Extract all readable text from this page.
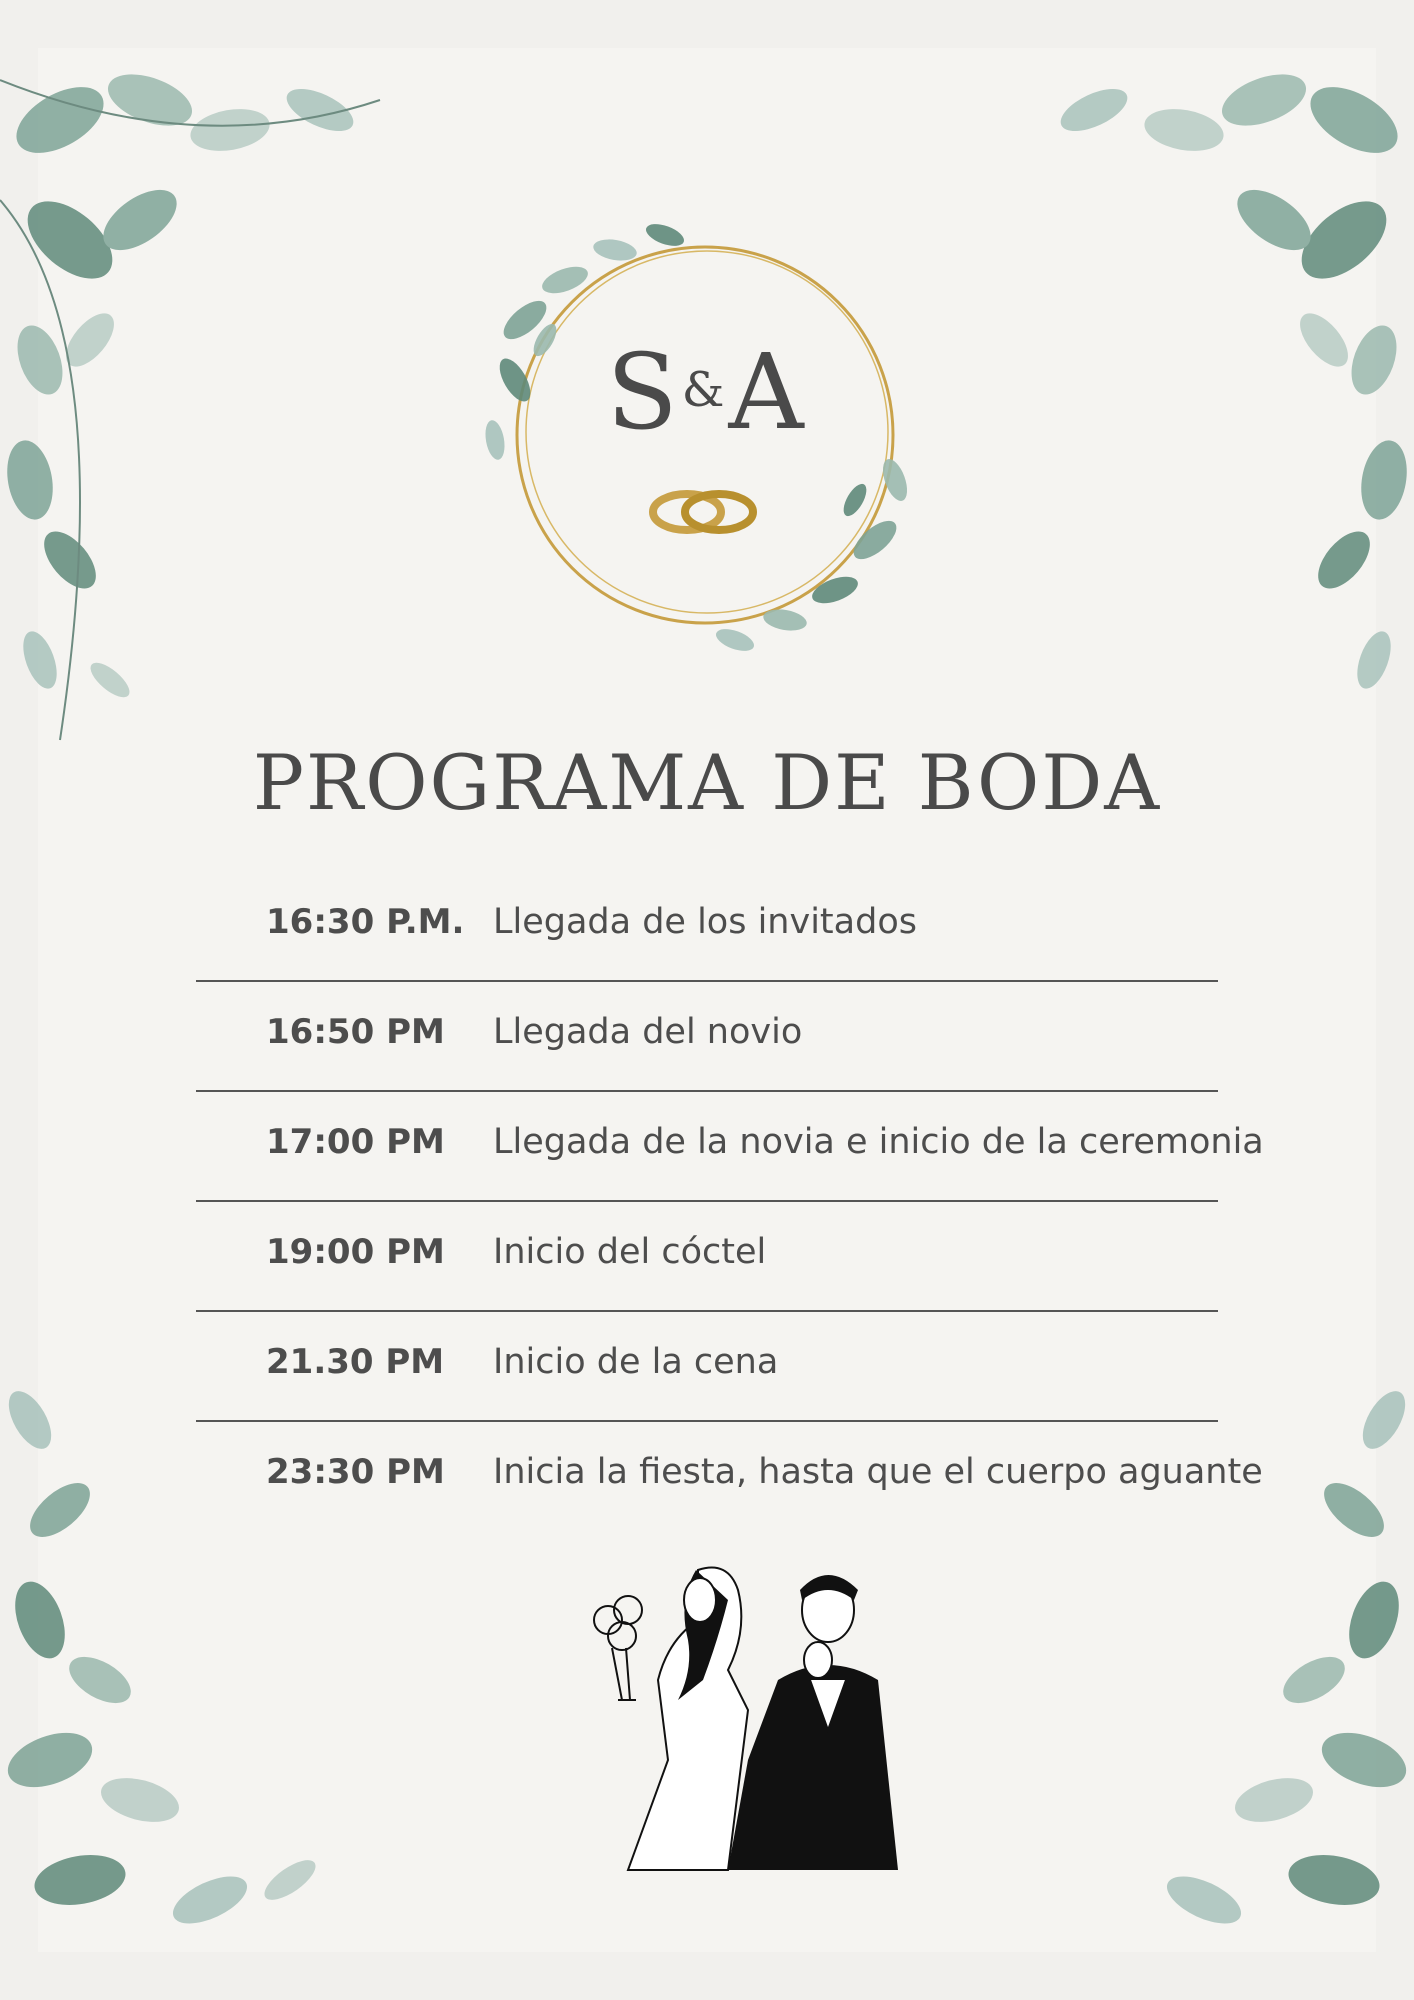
S&A
PROGRAMA DE BODA
16:30 P.M. Llegada de los invitados
16:50 PM Llegada del novio
17:00 PM Llegada de la novia e inicio de la ceremonia
19:00 PM Inicio del cóctel
21.30 PM Inicio de la cena
23:30 PM Inicia la fiesta, hasta que el cuerpo aguante
